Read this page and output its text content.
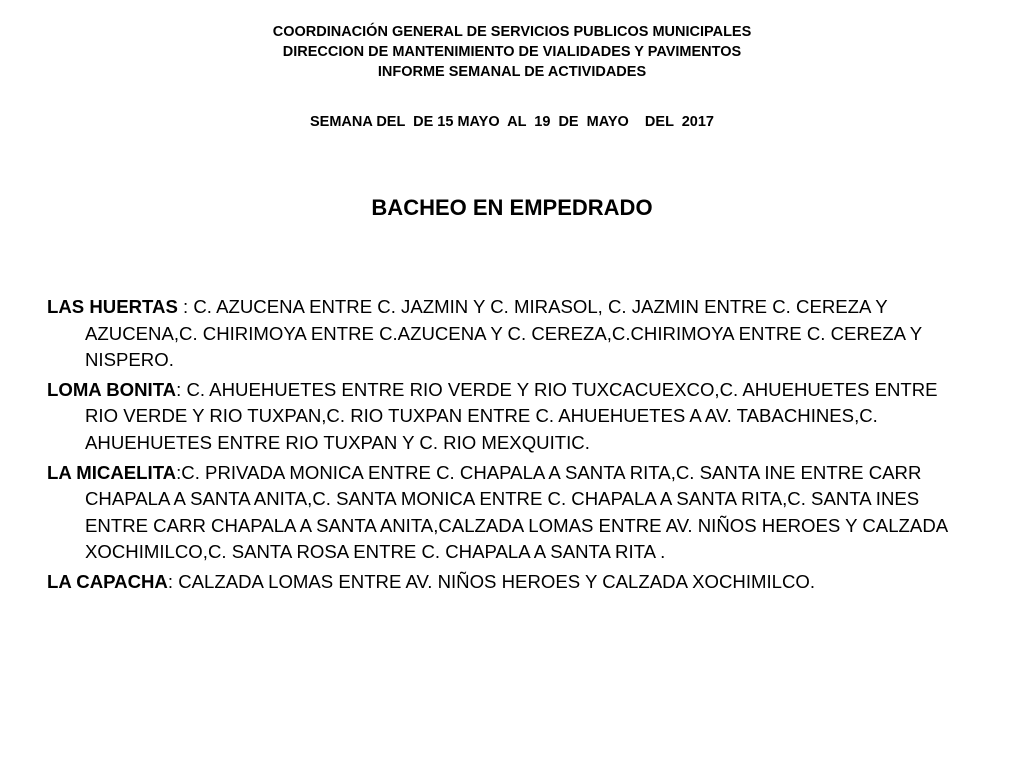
COORDINACIÓN GENERAL DE SERVICIOS PUBLICOS MUNICIPALES
DIRECCION DE MANTENIMIENTO DE VIALIDADES Y PAVIMENTOS
INFORME SEMANAL DE ACTIVIDADES
SEMANA DEL  DE 15 MAYO  AL  19  DE  MAYO    DEL  2017
BACHEO EN EMPEDRADO

LAS HUERTAS : C. AZUCENA ENTRE C. JAZMIN Y C. MIRASOL, C. JAZMIN ENTRE C. CEREZA Y AZUCENA,C. CHIRIMOYA ENTRE C.AZUCENA Y C. CEREZA,C.CHIRIMOYA ENTRE C. CEREZA Y NISPERO.

LOMA BONITA: C. AHUEHUETES ENTRE RIO VERDE Y RIO TUXCACUEXCO,C. AHUEHUETES ENTRE RIO VERDE Y RIO TUXPAN,C. RIO TUXPAN ENTRE C. AHUEHUETES A AV. TABACHINES,C. AHUEHUETES ENTRE RIO TUXPAN Y C. RIO MEXQUITIC.

LA MICAELITA:C. PRIVADA MONICA ENTRE C. CHAPALA A SANTA RITA,C. SANTA INE ENTRE CARR CHAPALA A SANTA ANITA,C. SANTA MONICA ENTRE C. CHAPALA A SANTA RITA,C. SANTA INES ENTRE CARR CHAPALA A SANTA ANITA,CALZADA LOMAS ENTRE AV. NIÑOS HEROES Y CALZADA XOCHIMILCO,C. SANTA ROSA ENTRE C. CHAPALA A SANTA RITA .

LA CAPACHA: CALZADA LOMAS ENTRE AV. NIÑOS HEROES Y CALZADA XOCHIMILCO.
